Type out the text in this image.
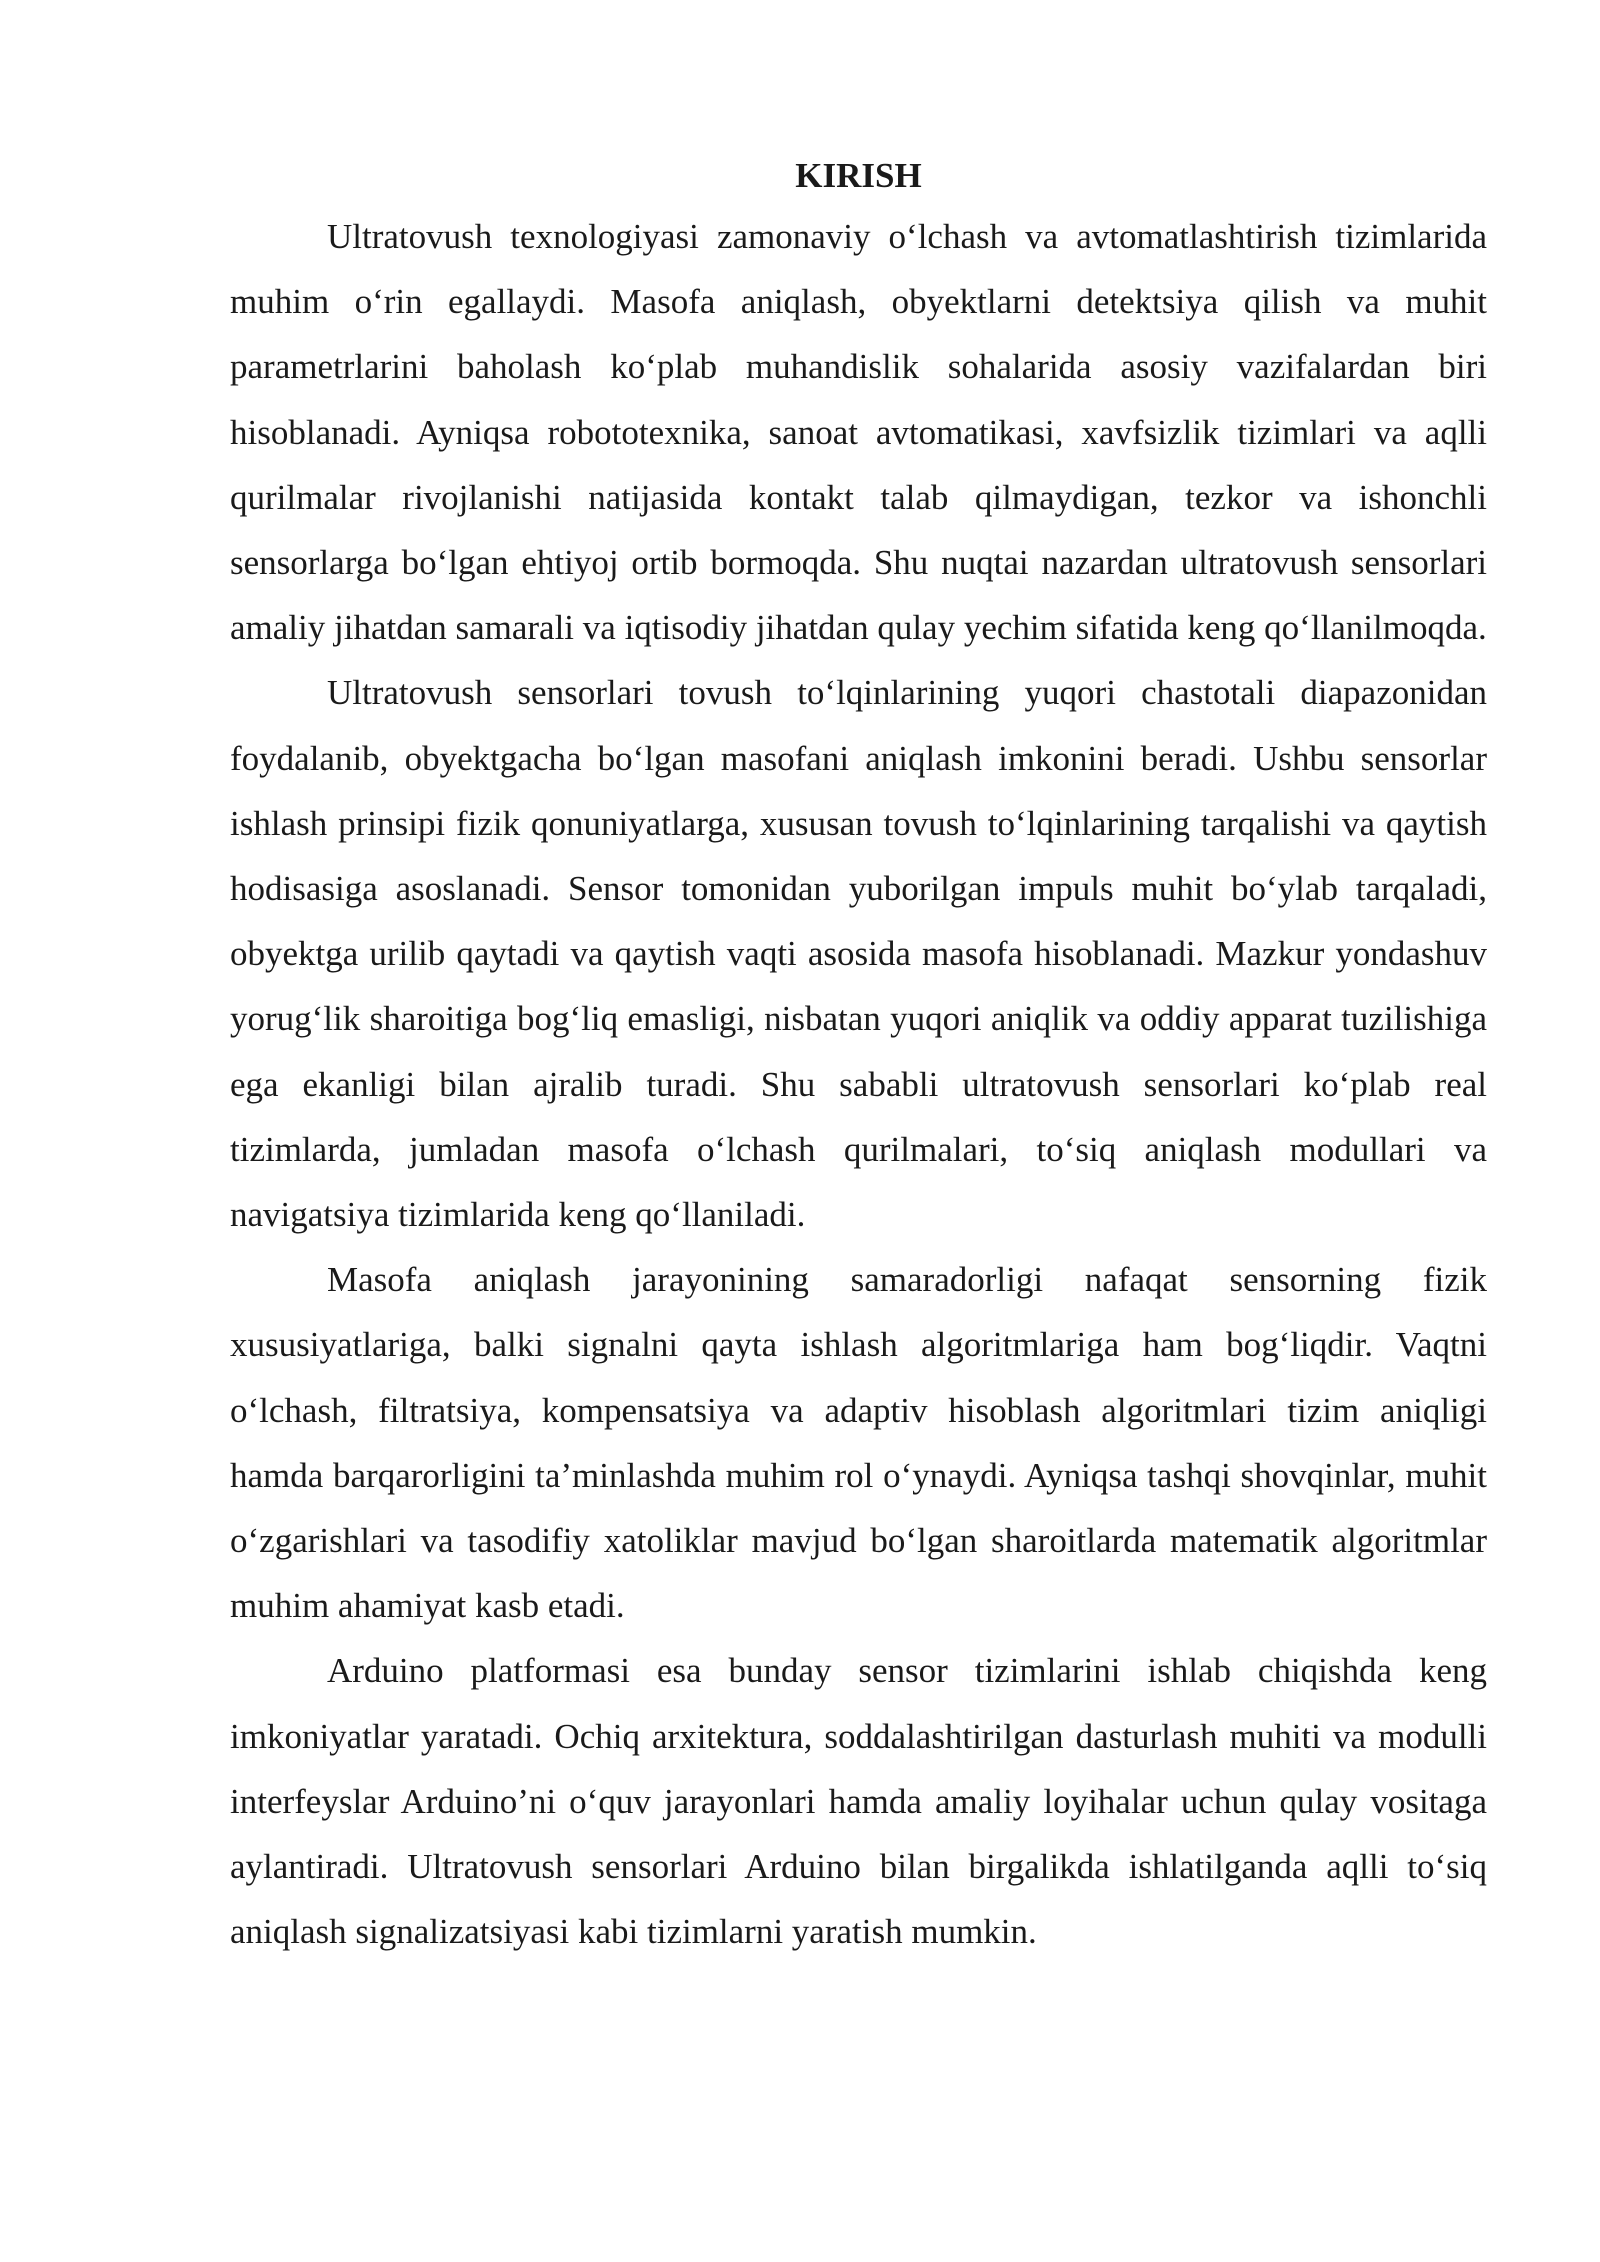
KIRISH

Ultratovush texnologiyasi zamonaviy o‘lchash va avtomatlashtirish tizimlarida muhim o‘rin egallaydi. Masofa aniqlash, obyektlarni detektsiya qilish va muhit parametrlarini baholash ko‘plab muhandislik sohalarida asosiy vazifalardan biri hisoblanadi. Ayniqsa robototexnika, sanoat avtomatikasi, xavfsizlik tizimlari va aqlli qurilmalar rivojlanishi natijasida kontakt talab qilmaydigan, tezkor va ishonchli sensorlarga bo‘lgan ehtiyoj ortib bormoqda. Shu nuqtai nazardan ultratovush sensorlari amaliy jihatdan samarali va iqtisodiy jihatdan qulay yechim sifatida keng qo‘llanilmoqda.

Ultratovush sensorlari tovush to‘lqinlarining yuqori chastotali diapazonidan foydalanib, obyektgacha bo‘lgan masofani aniqlash imkonini beradi. Ushbu sensorlar ishlash prinsipi fizik qonuniyatlarga, xususan tovush to‘lqinlarining tarqalishi va qaytish hodisasiga asoslanadi. Sensor tomonidan yuborilgan impuls muhit bo‘ylab tarqaladi, obyektga urilib qaytadi va qaytish vaqti asosida masofa hisoblanadi. Mazkur yondashuv yorug‘lik sharoitiga bog‘liq emasligi, nisbatan yuqori aniqlik va oddiy apparat tuzilishiga ega ekanligi bilan ajralib turadi. Shu sababli ultratovush sensorlari ko‘plab real tizimlarda, jumladan masofa o‘lchash qurilmalari, to‘siq aniqlash modullari va navigatsiya tizimlarida keng qo‘llaniladi.

Masofa aniqlash jarayonining samaradorligi nafaqat sensorning fizik xususiyatlariga, balki signalni qayta ishlash algoritmlariga ham bog‘liqdir. Vaqtni o‘lchash, filtratsiya, kompensatsiya va adaptiv hisoblash algoritmlari tizim aniqligi hamda barqarorligini ta’minlashda muhim rol o‘ynaydi. Ayniqsa tashqi shovqinlar, muhit o‘zgarishlari va tasodifiy xatoliklar mavjud bo‘lgan sharoitlarda matematik algoritmlar muhim ahamiyat kasb etadi.

Arduino platformasi esa bunday sensor tizimlarini ishlab chiqishda keng imkoniyatlar yaratadi. Ochiq arxitektura, soddalashtirilgan dasturlash muhiti va modulli interfeyslar Arduino’ni o‘quv jarayonlari hamda amaliy loyihalar uchun qulay vositaga aylantiradi. Ultratovush sensorlari Arduino bilan birgalikda ishlatilganda aqlli to‘siq aniqlash signalizatsiyasi kabi tizimlarni yaratish mumkin.
